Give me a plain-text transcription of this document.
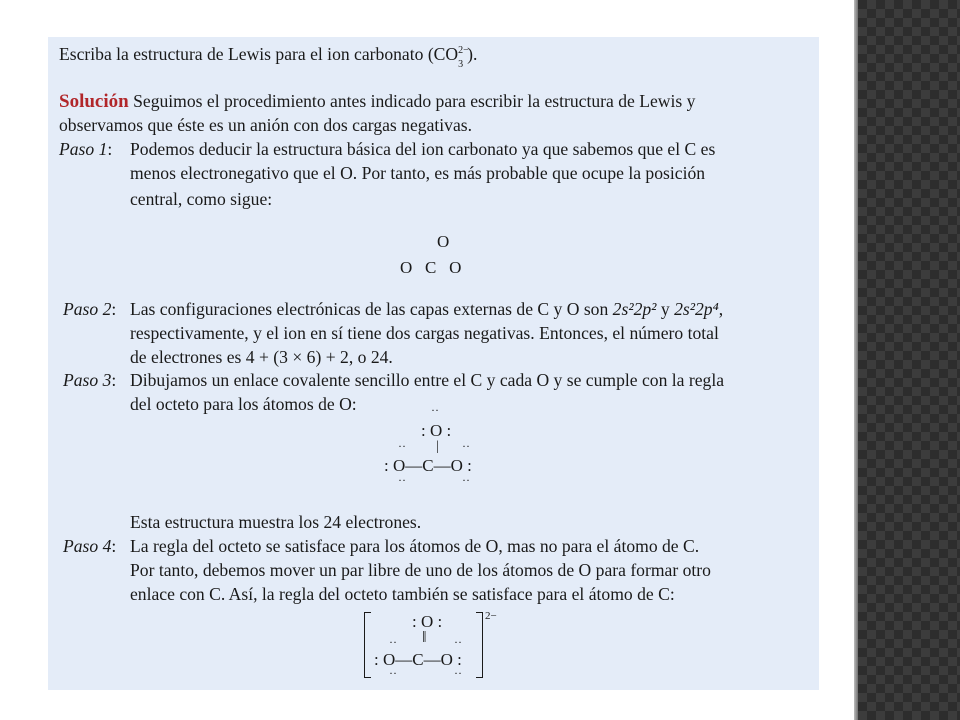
Escriba la estructura de Lewis para el ion carbonato (CO 2−
3
).
Solución Seguimos el procedimiento antes indicado para escribir la estructura de Lewis y
observamos que éste es un anión con dos cargas negativas.
Paso 1: Podemos deducir la estructura básica del ion carbonato ya que sabemos que el C es
menos electronegativo que el O. Por tanto, es más probable que ocupe la posición
central, como sigue:
O
O   C   O
Paso 2: Las configuraciones electrónicas de las capas externas de C y O son 2s²2p² y 2s²2p⁴,
respectivamente, y el ion en sí tiene dos cargas negativas. Entonces, el número total
de electrones es 4 + (3 × 6) + 2, o 24.
Paso 3: Dibujamos un enlace covalente sencillo entre el C y cada O y se cumple con la regla
del octeto para los átomos de O:	··
: O :
|
··	··
: O—C—O :
··	··
Esta estructura muestra los 24 electrones.
Paso 4: La regla del octeto se satisface para los átomos de O, mas no para el átomo de C.
Por tanto, debemos mover un par libre de uno de los átomos de O para formar otro
enlace con C. Así, la regla del octeto también se satisface para el átomo de C:
2−
: O :
‖
··	··
: O—C—O :
··	··
